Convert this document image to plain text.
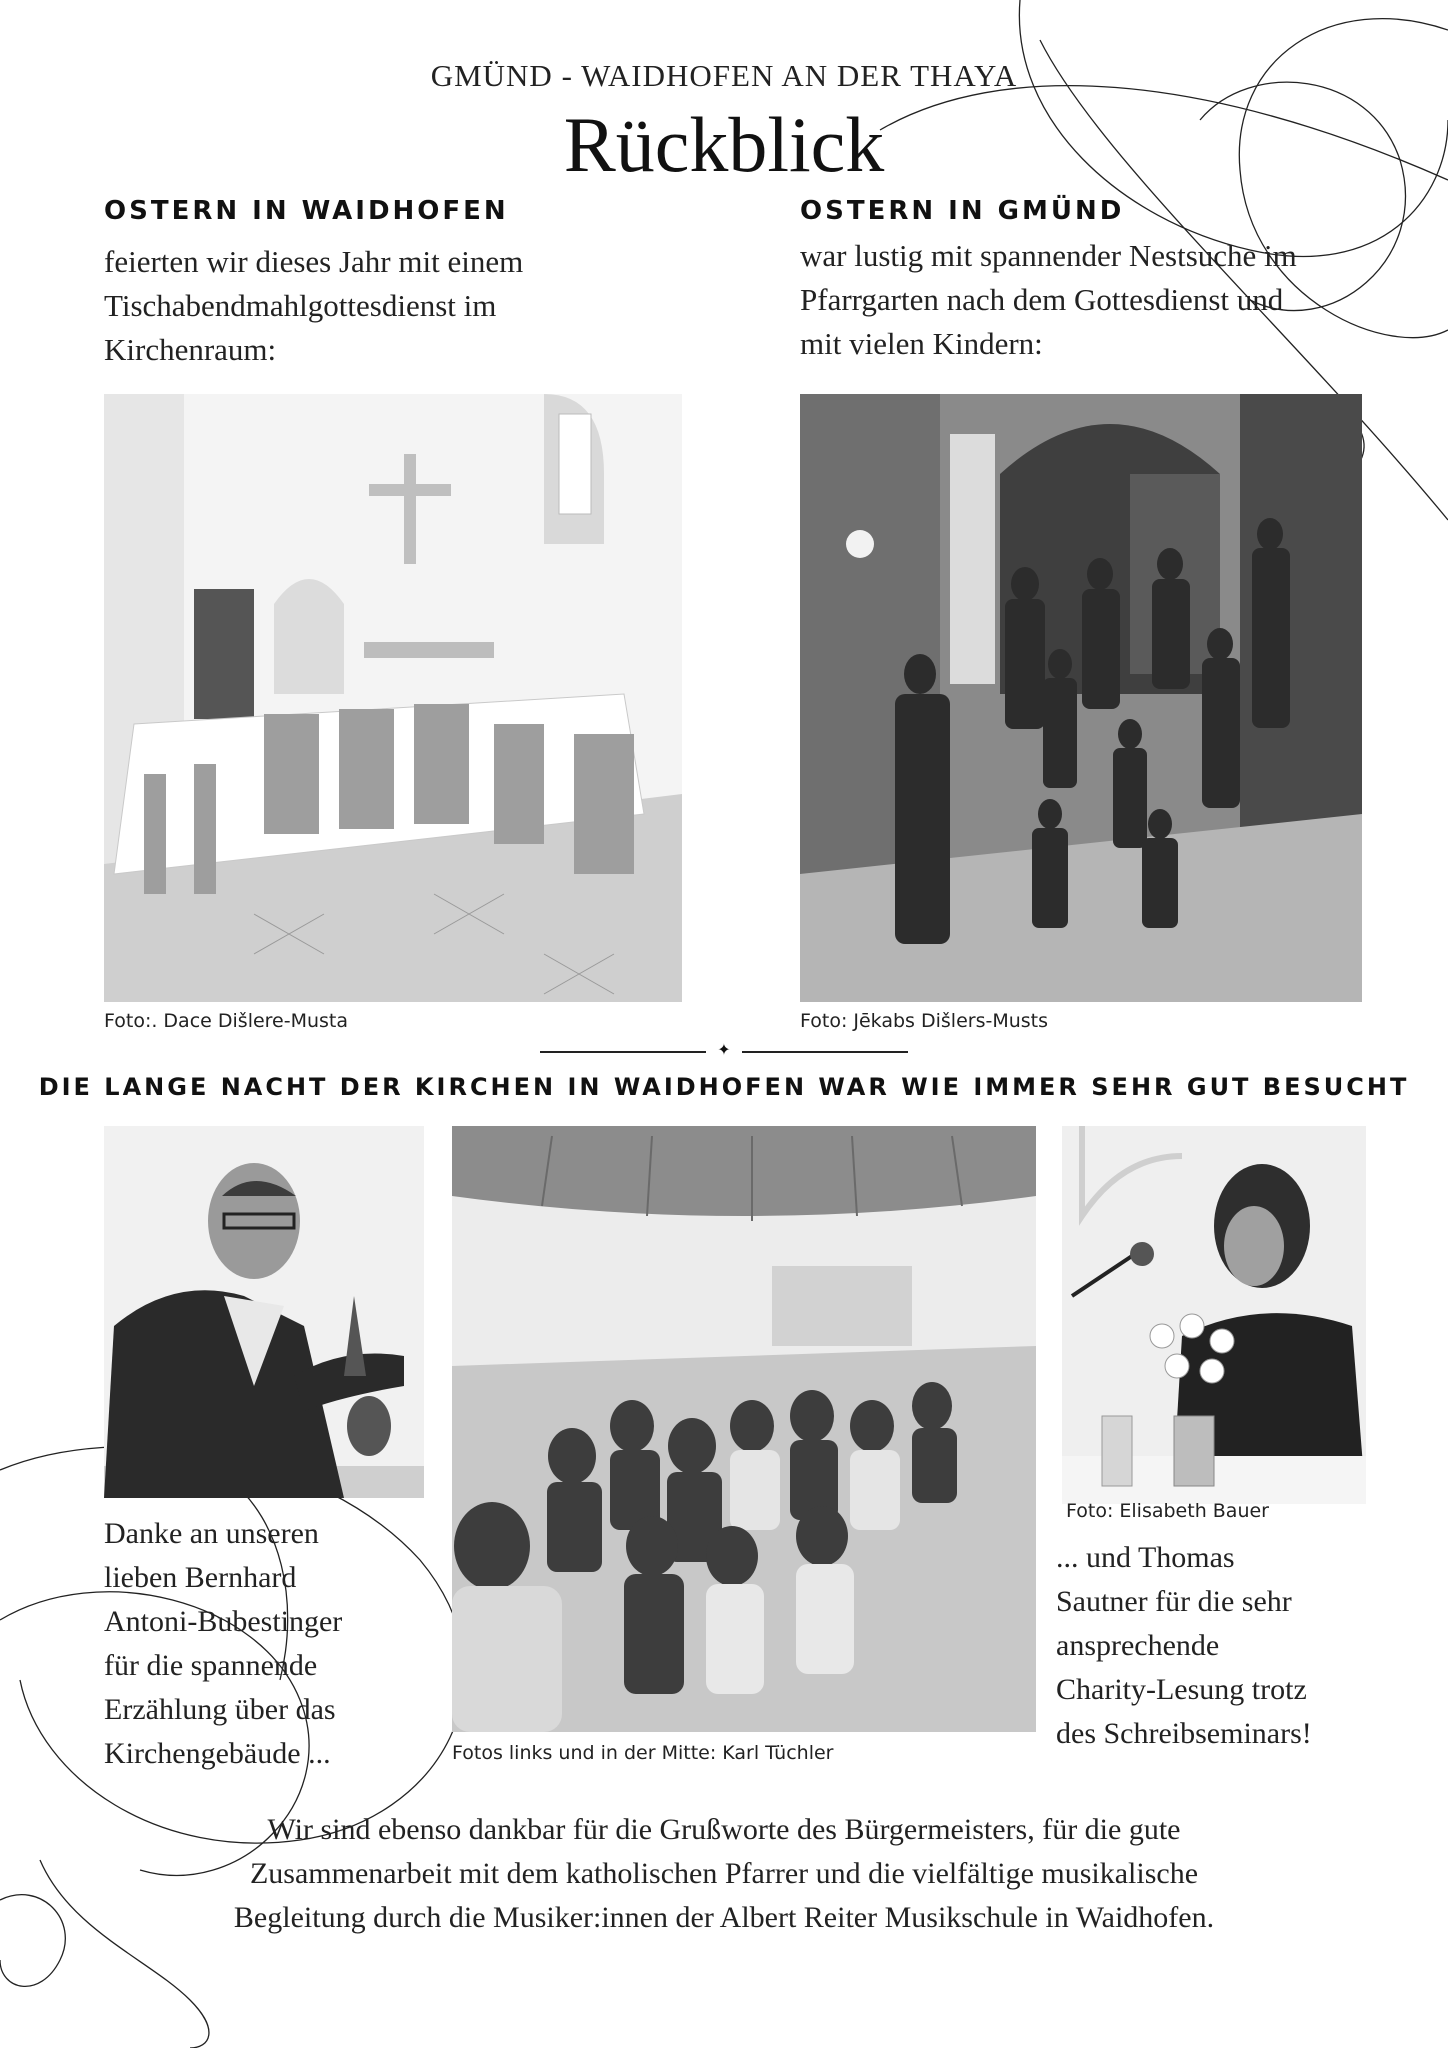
GMÜND - WAIDHOFEN AN DER THAYA
Rückblick
OSTERN IN WAIDHOFEN
feierten wir dieses Jahr mit einem
Tischabendmahlgottesdienst im
Kirchenraum:
Foto:. Dace Dišlere-Musta
OSTERN IN GMÜND
war lustig mit spannender Nestsuche im
Pfarrgarten nach dem Gottesdienst und
mit vielen Kindern:
Foto: Jēkabs Dišlers-Musts
✦
DIE LANGE NACHT DER KIRCHEN IN WAIDHOFEN WAR WIE IMMER SEHR GUT BESUCHT
Danke an unseren
lieben Bernhard
Antoni-Bubestinger
für die spannende
Erzählung über das
Kirchengebäude ...	Fotos links und in der Mitte: Karl Tüchler
Foto: Elisabeth Bauer
... und Thomas
Sautner für die sehr
ansprechende
Charity-Lesung trotz
des Schreibseminars!
Wir sind ebenso dankbar für die Grußworte des Bürgermeisters, für die gute
Zusammenarbeit mit dem katholischen Pfarrer und die vielfältige musikalische
Begleitung durch die Musiker:innen der Albert Reiter Musikschule in Waidhofen.
